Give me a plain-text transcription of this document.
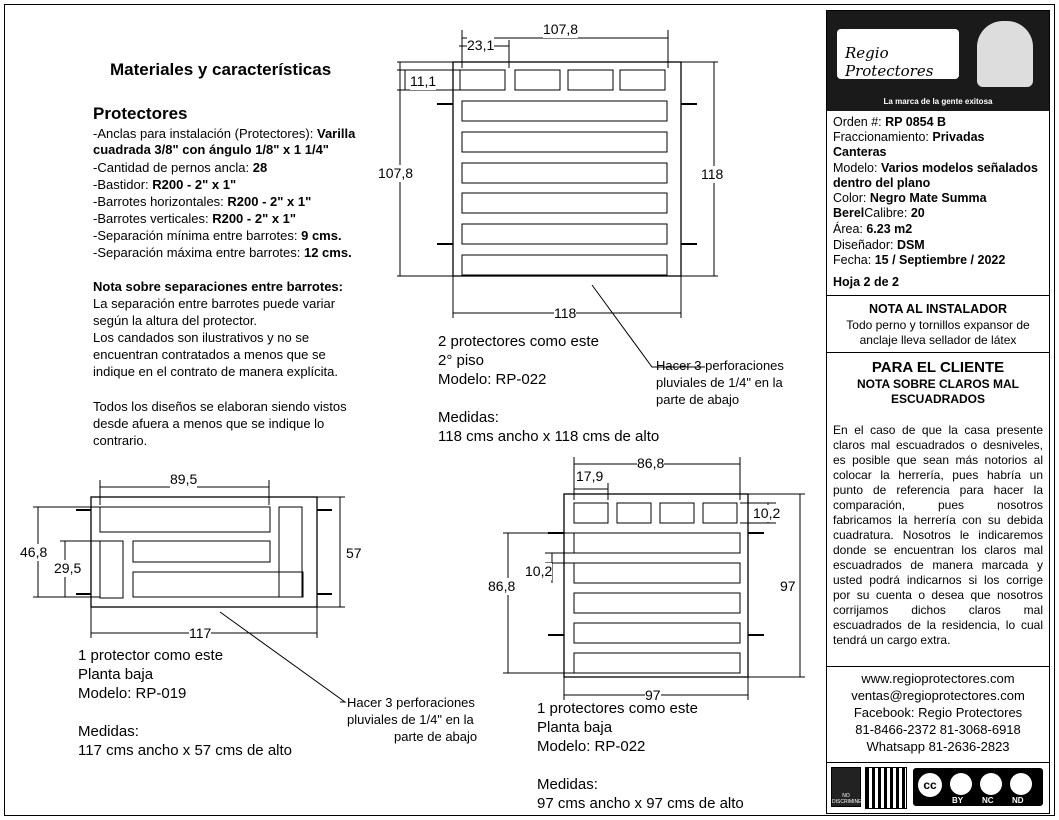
Materiales y características
Protectores
-Anclas para instalación (Protectores): Varilla
cuadrada 3/8" con ángulo 1/8" x 1 1/4"
-Cantidad de pernos ancla: 28
-Bastidor: R200 - 2" x 1"
-Barrotes horizontales: R200 - 2" x 1"
-Barrotes verticales: R200 - 2" x 1"
-Separación mínima entre barrotes: 9 cms.
-Separación máxima entre barrotes: 12 cms.
Nota sobre separaciones entre barrotes:
La separación entre barrotes puede variar
según la altura del protector.
Los candados son ilustrativos y no se
encuentran contratados a menos que se
indique en el contrato de manera explícita.
Todos los diseños se elaboran siendo vistos
desde afuera a menos que se indique lo
contrario.
107,8
23,1
11,1
107,8	118
118
Hacer 3 perforaciones
pluviales de 1/4" en la
parte de abajo
2 protectores como este
2° piso
Modelo: RP-022
Medidas:
118 cms ancho x 118 cms de alto
89,5
46,8
29,5
57
117
1 protector como este
Planta baja
Modelo: RP-019
Medidas:
117 cms ancho x 57 cms de alto
Hacer 3 perforaciones
pluviales de 1/4" en la
parte de abajo
86,8
17,9
10,2
10,2
86,8	97
97
1 protectores como este
Planta baja
Modelo: RP-022
Medidas:
97 cms ancho x 97 cms de alto
Regio Protectores
La marca de la gente exitosa
Orden #: RP 0854 B
Fraccionamiento: Privadas
Canteras
Modelo: Varios modelos señalados
dentro del plano
Color: Negro Mate Summa
BerelCalibre: 20
Área: 6.23 m2
Diseñador: DSM
Fecha: 15 / Septiembre / 2022
Hoja 2 de 2
NOTA AL INSTALADOR
Todo perno y tornillos expansor de
anclaje lleva sellador de látex
PARA EL CLIENTE
NOTA SOBRE CLAROS MAL
ESCUADRADOS
En el caso de que la casa presente claros mal escuadrados o desniveles, es posible que sean más notorios al colocar la herrería, pues habría un punto de referencia para hacer la comparación, pues nosotros fabricamos la herrería con su debida cuadratura. Nosotros le indicaremos donde se encuentran los claros mal escuadrados de manera marcada y usted podrá indicarnos si los corrige por su cuenta o desea que nosotros corrijamos dichos claros mal escuadrados de la residencia, lo cual tendrá un cargo extra.
www.regioprotectores.com
ventas@regioprotectores.com
Facebook: Regio Protectores
81-8466-2372 81-3068-6918
Whatsapp 81-2636-2823
NO DISCRIMINES
cc
BY NC ND
